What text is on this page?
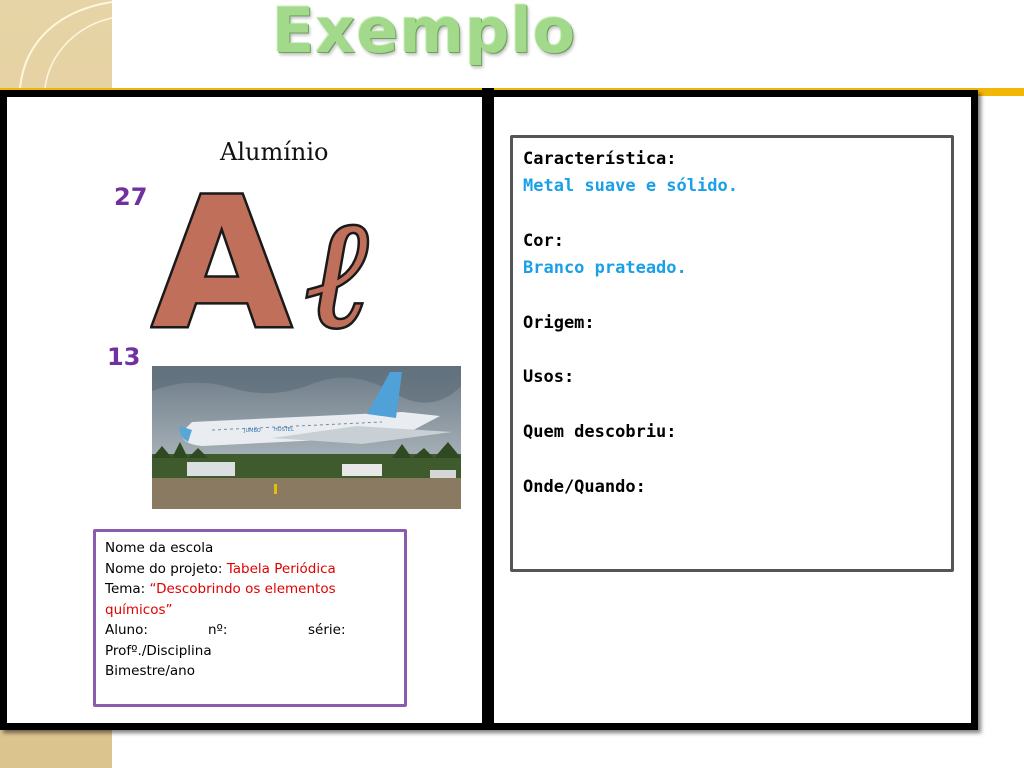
Exemplo
Alumínio
27
13 A ℓ
JUMBO	HOSTEL
Nome da escola
Nome do projeto: Tabela Periódica
Tema: “Descobrindo os elementos químicos”
Aluno:	nº:	série:
Profº./Disciplina
Bimestre/ano
Característica:
Metal suave e sólido.
Cor:
Branco prateado.
Origem:
Usos:
Quem descobriu:
Onde/Quando:
